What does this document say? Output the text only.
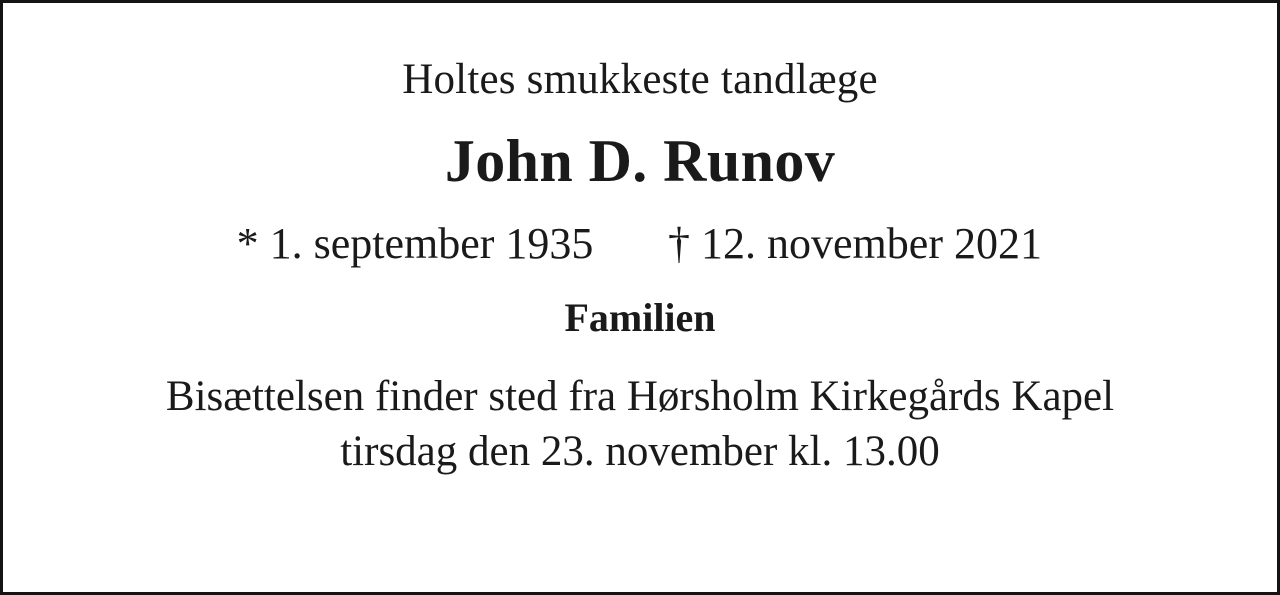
Holtes smukkeste tandlæge
John D. Runov
* 1. september 1935	† 12. november 2021
Familien
Bisættelsen finder sted fra Hørsholm Kirkegårds Kapel
tirsdag den 23. november kl. 13.00
